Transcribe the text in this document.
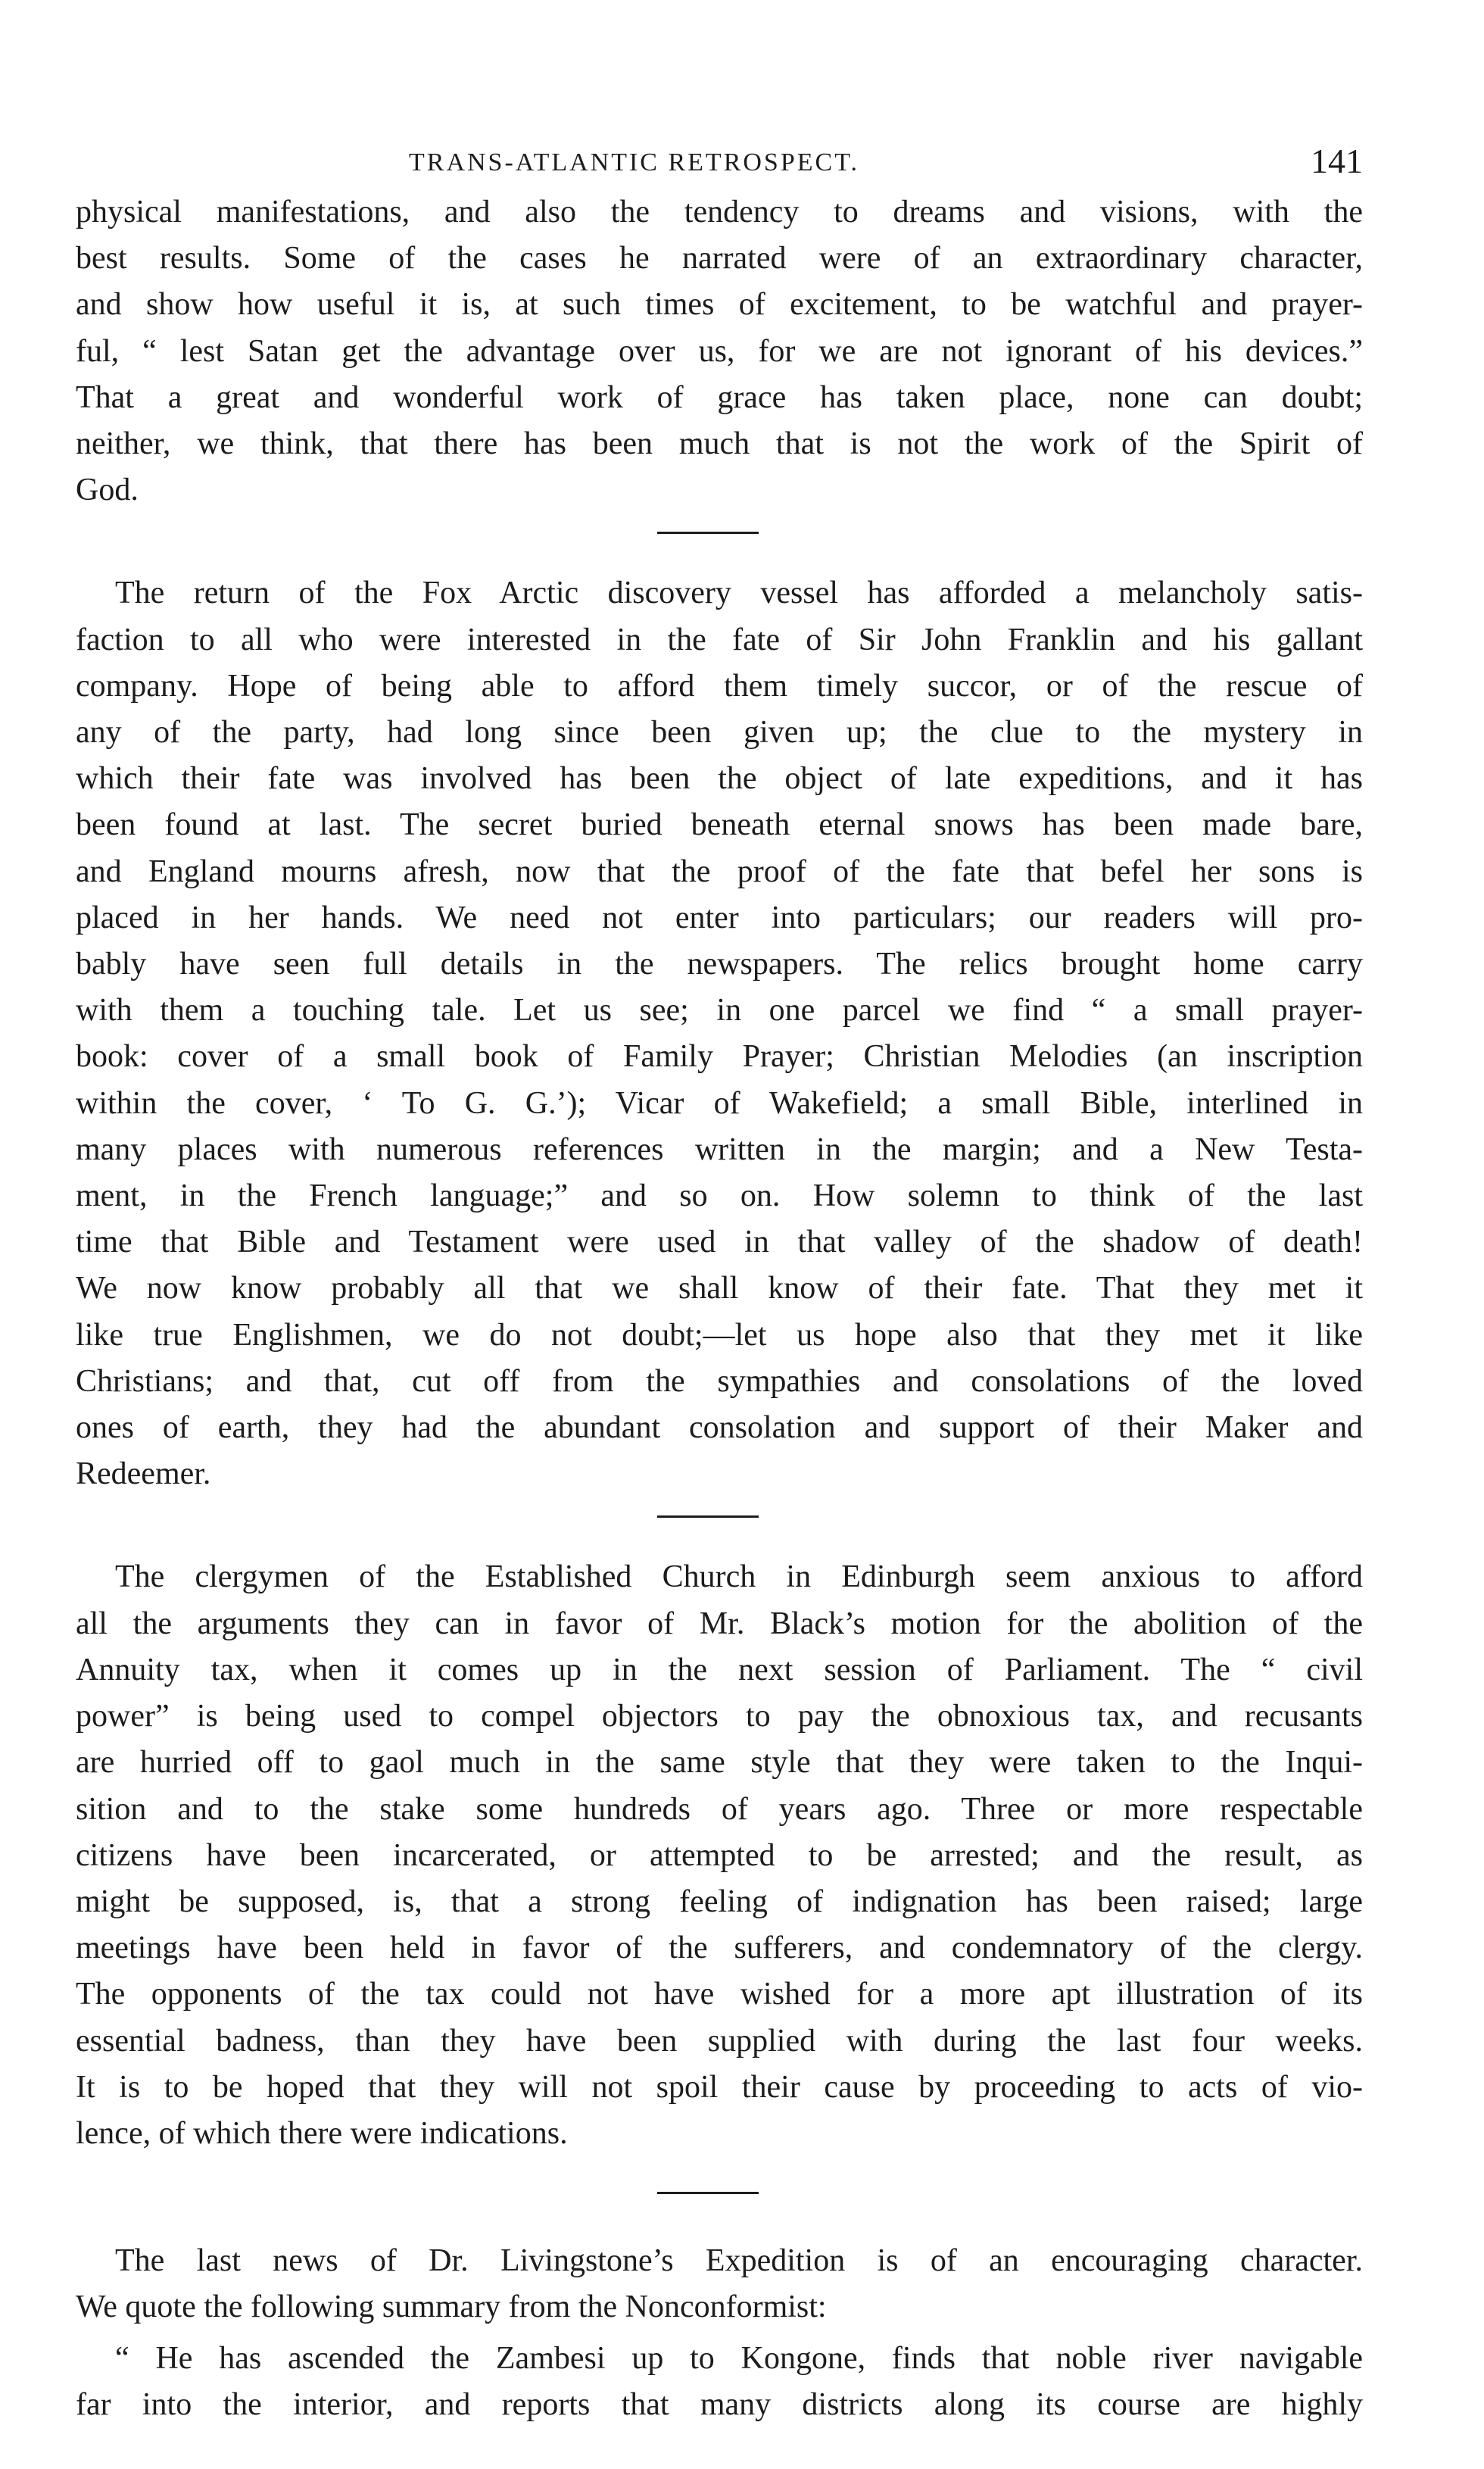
TRANS-ATLANTIC RETROSPECT.	141
physical manifestations, and also the tendency to dreams and visions, with the
best results. Some of the cases he narrated were of an extraordinary character,
and show how useful it is, at such times of excitement, to be watchful and prayer-
ful, “ lest Satan get the advantage over us, for we are not ignorant of his devices.”
That a great and wonderful work of grace has taken place, none can doubt;
neither, we think, that there has been much that is not the work of the Spirit of
God.
The return of the Fox Arctic discovery vessel has afforded a melancholy satis-
faction to all who were interested in the fate of Sir John Franklin and his gallant
company. Hope of being able to afford them timely succor, or of the rescue of
any of the party, had long since been given up; the clue to the mystery in
which their fate was involved has been the object of late expeditions, and it has
been found at last. The secret buried beneath eternal snows has been made bare,
and England mourns afresh, now that the proof of the fate that befel her sons is
placed in her hands. We need not enter into particulars; our readers will pro-
bably have seen full details in the newspapers. The relics brought home carry
with them a touching tale. Let us see; in one parcel we find “ a small prayer-
book: cover of a small book of Family Prayer; Christian Melodies (an inscription
within the cover, ‘ To G. G.’); Vicar of Wakefield; a small Bible, interlined in
many places with numerous references written in the margin; and a New Testa-
ment, in the French language;” and so on. How solemn to think of the last
time that Bible and Testament were used in that valley of the shadow of death!
We now know probably all that we shall know of their fate. That they met it
like true Englishmen, we do not doubt;—let us hope also that they met it like
Christians; and that, cut off from the sympathies and consolations of the loved
ones of earth, they had the abundant consolation and support of their Maker and
Redeemer.
The clergymen of the Established Church in Edinburgh seem anxious to afford
all the arguments they can in favor of Mr. Black’s motion for the abolition of the
Annuity tax, when it comes up in the next session of Parliament. The “ civil
power” is being used to compel objectors to pay the obnoxious tax, and recusants
are hurried off to gaol much in the same style that they were taken to the Inqui-
sition and to the stake some hundreds of years ago. Three or more respectable
citizens have been incarcerated, or attempted to be arrested; and the result, as
might be supposed, is, that a strong feeling of indignation has been raised; large
meetings have been held in favor of the sufferers, and condemnatory of the clergy.
The opponents of the tax could not have wished for a more apt illustration of its
essential badness, than they have been supplied with during the last four weeks.
It is to be hoped that they will not spoil their cause by proceeding to acts of vio-
lence, of which there were indications.
The last news of Dr. Livingstone’s Expedition is of an encouraging character.
We quote the following summary from the Nonconformist:
“ He has ascended the Zambesi up to Kongone, finds that noble river navigable
far into the interior, and reports that many districts along its course are highly
